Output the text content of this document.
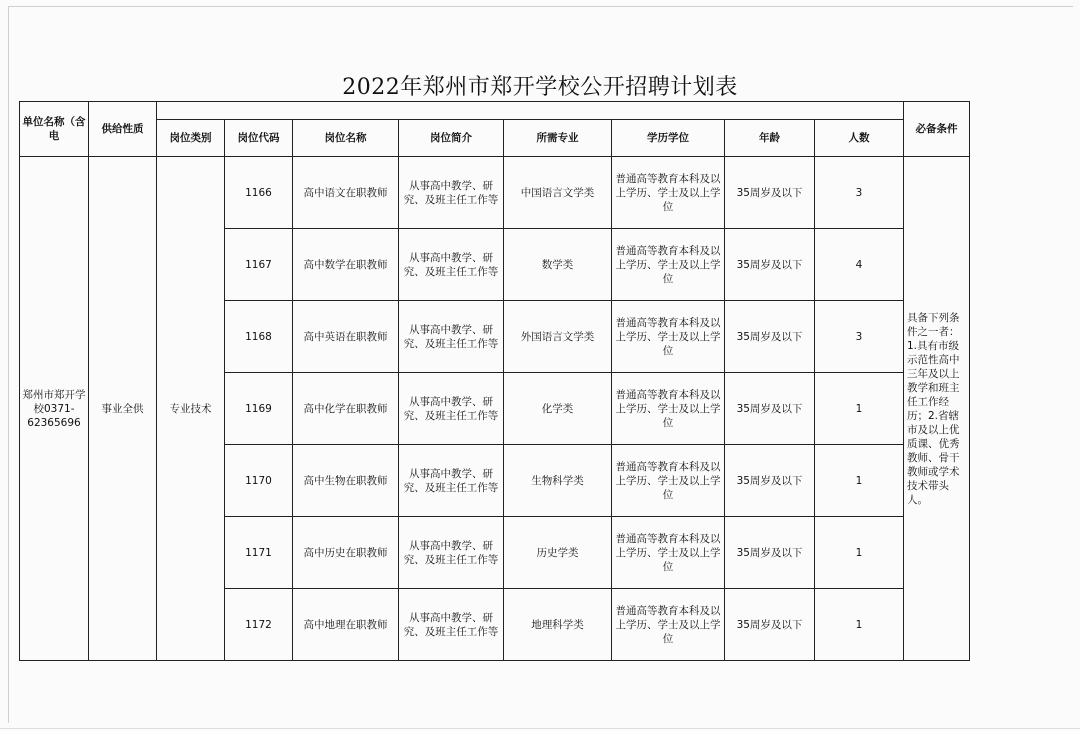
2022年郑州市郑开学校公开招聘计划表
单位名称（含电	供给性质									必备条件
		岗位类别	岗位代码	岗位名称	岗位简介	所需专业	学历学位	年龄	人数	
郑州市郑开学校0371-62365696	事业全供	专业技术	1166	高中语文在职教师	从事高中教学、研究、及班主任工作等	中国语言文学类	普通高等教育本科及以上学历、学士及以上学位	35周岁及以下	3	具备下列条件之一者：1.具有市级示范性高中三年及以上教学和班主任工作经历；2.省辖市及以上优质课、优秀教师、骨干教师或学术技术带头人。
			1167	高中数学在职教师	从事高中教学、研究、及班主任工作等	数学类	普通高等教育本科及以上学历、学士及以上学位	35周岁及以下	4	
			1168	高中英语在职教师	从事高中教学、研究、及班主任工作等	外国语言文学类	普通高等教育本科及以上学历、学士及以上学位	35周岁及以下	3	
			1169	高中化学在职教师	从事高中教学、研究、及班主任工作等	化学类	普通高等教育本科及以上学历、学士及以上学位	35周岁及以下	1	
			1170	高中生物在职教师	从事高中教学、研究、及班主任工作等	生物科学类	普通高等教育本科及以上学历、学士及以上学位	35周岁及以下	1	
			1171	高中历史在职教师	从事高中教学、研究、及班主任工作等	历史学类	普通高等教育本科及以上学历、学士及以上学位	35周岁及以下	1	
			1172	高中地理在职教师	从事高中教学、研究、及班主任工作等	地理科学类	普通高等教育本科及以上学历、学士及以上学位	35周岁及以下	1	
